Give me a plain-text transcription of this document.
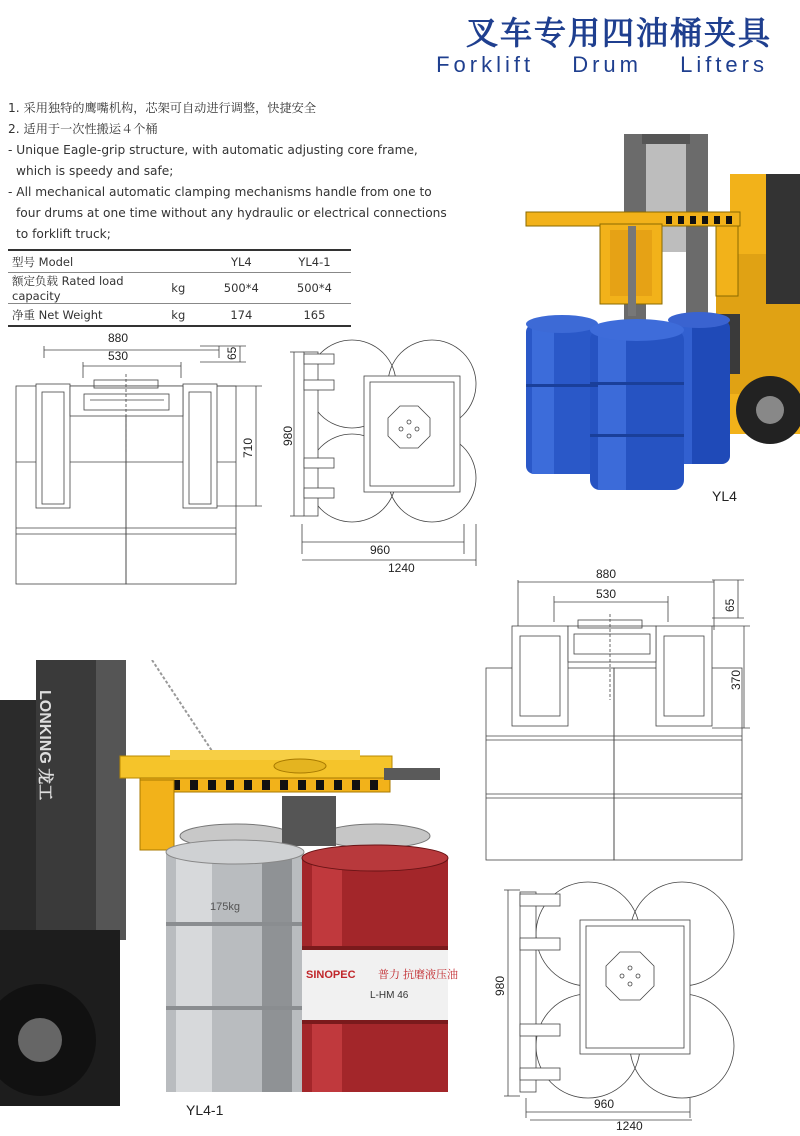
叉车专用四油桶夹具
Forklift Drum Lifters
1. 采用独特的鹰嘴机构，芯架可自动进行调整，快捷安全
2. 适用于一次性搬运４个桶
- Unique Eagle-grip structure, with automatic adjusting core frame,
which is speedy and safe;
- All mechanical automatic clamping mechanisms handle from one to
four drums at one time without any hydraulic or electrical connections
to forklift truck;
型号 Model		YL4	YL4-1
额定负载 Rated load capacity	kg	500*4	500*4
净重 Net Weight	kg	174	165
880
530	65
710
980
960
1240
YL4
880
530
65
370
980
960
1240
LONKING 龙工
175kg
SINOPEC 普力 抗磨液压油
L-HM 46
YL4-1
